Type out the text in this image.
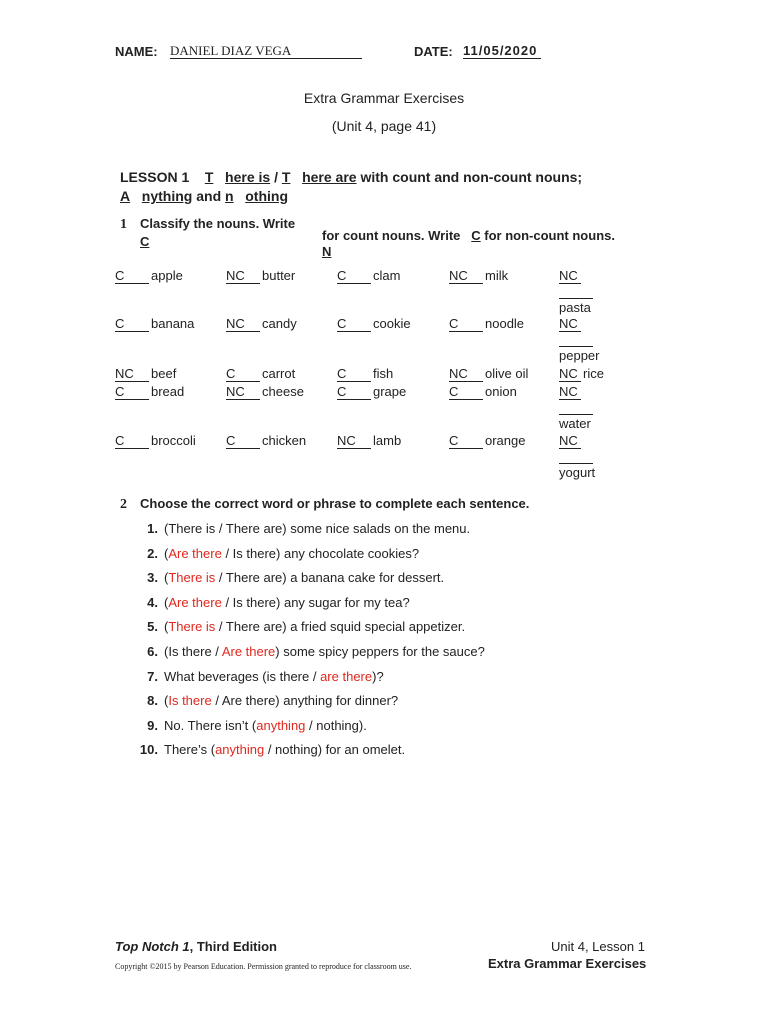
NAME: DANIEL DIAZ VEGA	DATE: 11/05/2020
Extra Grammar Exercises
(Unit 4, page 41)
LESSON 1 T here is / T here are with count and non-count nouns;
A nything and n othing
1 Classify the nouns. Write
C	for count nouns. Write C for non-count nouns.
N
C apple	NC butter	C clam	NC milk	NC
pasta
C banana NC candy	C cookie	C noodle	NC
pepper
NC beef	C carrot	C fish	NC olive oil NC rice
C bread	NC cheese	C grape	C onion	NC
water
C broccoli C chicken NC lamb	C orange	NC
yogurt
2 Choose the correct word or phrase to complete each sentence.
1. (There is / There are) some nice salads on the menu.
2. (Are there / Is there) any chocolate cookies?
3. (There is / There are) a banana cake for dessert.
4. (Are there / Is there) any sugar for my tea?
5. (There is / There are) a fried squid special appetizer.
6. (Is there / Are there) some spicy peppers for the sauce?
7. What beverages (is there / are there)?
8. (Is there / Are there) anything for dinner?
9. No. There isn’t (anything / nothing).
10. There’s (anything / nothing) for an omelet.
Top Notch 1, Third Edition	Unit 4, Lesson 1
Copyright ©2015 by Pearson Education. Permission granted to reproduce for classroom use.	Extra Grammar Exercises
